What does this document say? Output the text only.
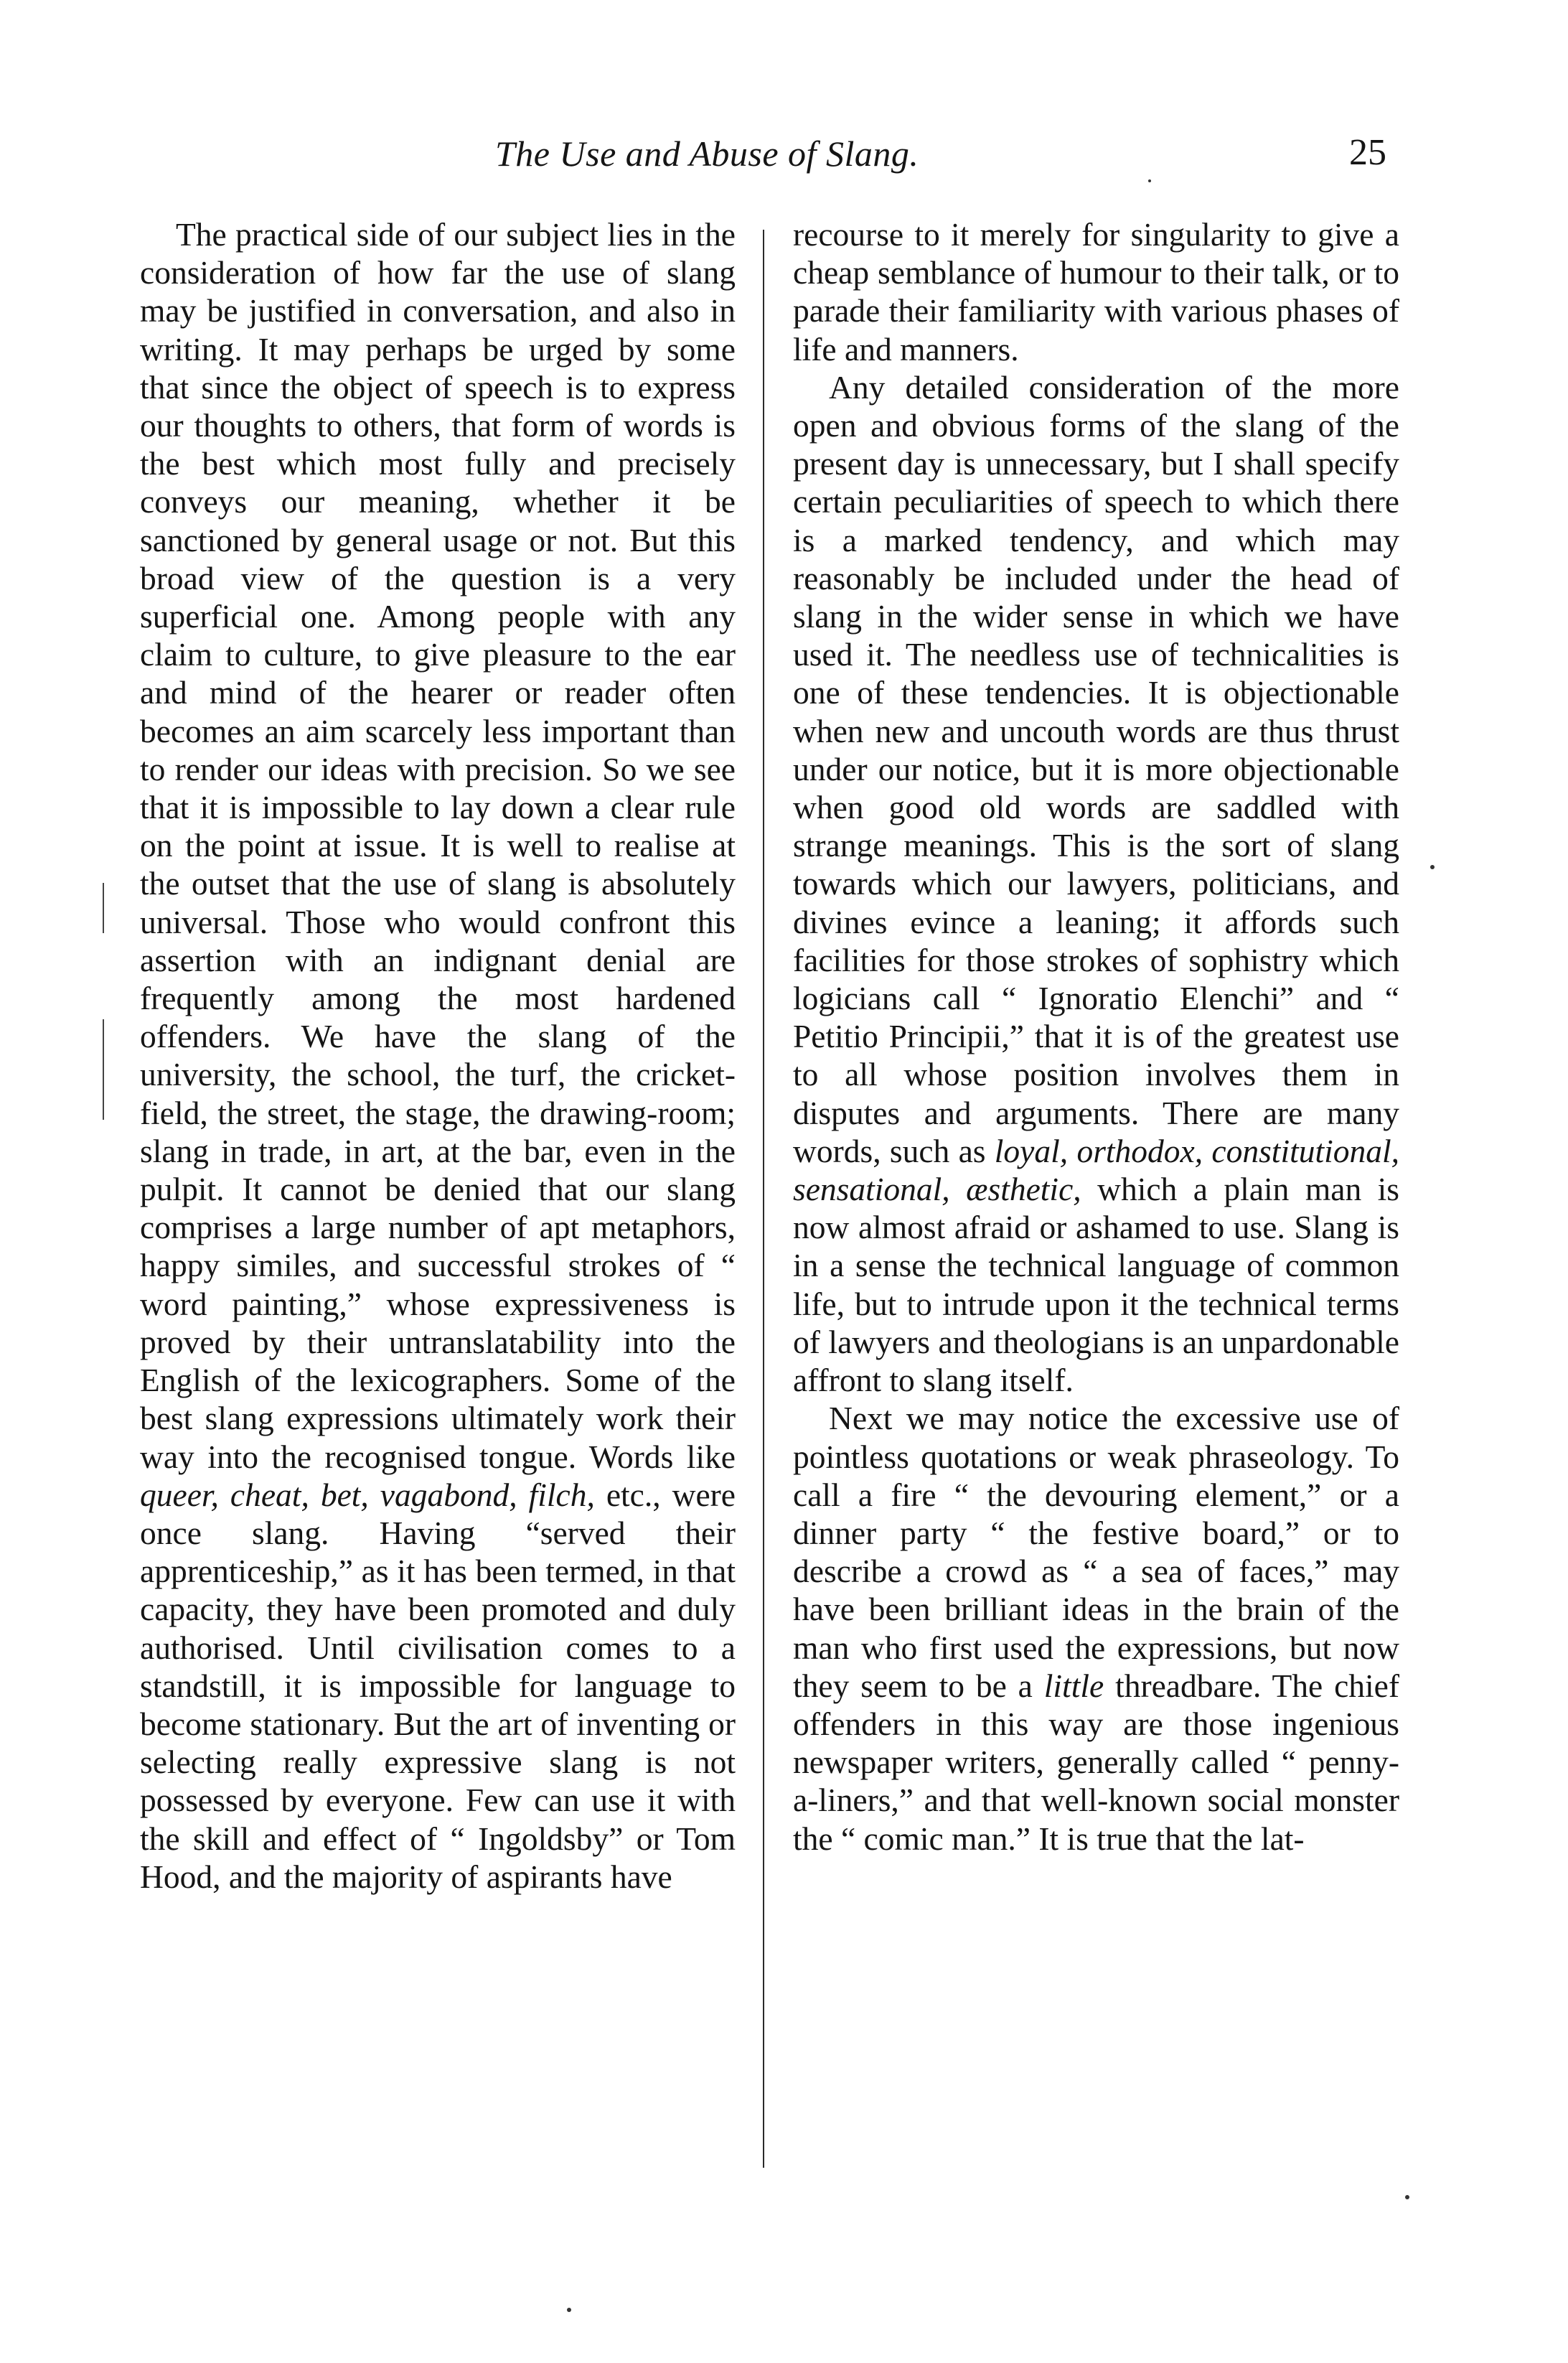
The Use and Abuse of Slang.	25

The practical side of our subject lies in the consideration of how far the use of slang may be justified in conversation, and also in writing. It may perhaps be urged by some that since the object of speech is to express our thoughts to others, that form of words is the best which most fully and precisely conveys our meaning, whether it be sanctioned by general usage or not. But this broad view of the question is a very superficial one. Among people with any claim to culture, to give pleasure to the ear and mind of the hearer or reader often becomes an aim scarcely less important than to render our ideas with precision. So we see that it is impossible to lay down a clear rule on the point at issue. It is well to realise at the outset that the use of slang is absolutely universal. Those who would confront this assertion with an indignant denial are frequently among the most hardened offenders. We have the slang of the university, the school, the turf, the cricket-field, the street, the stage, the drawing-room; slang in trade, in art, at the bar, even in the pulpit. It cannot be denied that our slang comprises a large number of apt metaphors, happy similes, and successful strokes of “ word painting,” whose expressiveness is proved by their untranslatability into the English of the lexicographers. Some of the best slang expressions ultimately work their way into the recognised tongue. Words like queer, cheat, bet, vagabond, filch, etc., were once slang. Having “served their apprenticeship,” as it has been termed, in that capacity, they have been promoted and duly authorised. Until civilisation comes to a standstill, it is impossible for language to become stationary. But the art of inventing or selecting really expressive slang is not possessed by everyone. Few can use it with the skill and effect of “ Ingoldsby” or Tom Hood, and the majority of aspirants have

recourse to it merely for singularity to give a cheap semblance of humour to their talk, or to parade their familiarity with various phases of life and manners.

Any detailed consideration of the more open and obvious forms of the slang of the present day is unnecessary, but I shall specify certain peculiarities of speech to which there is a marked tendency, and which may reasonably be included under the head of slang in the wider sense in which we have used it. The needless use of technicalities is one of these tendencies. It is objectionable when new and uncouth words are thus thrust under our notice, but it is more objectionable when good old words are saddled with strange meanings. This is the sort of slang towards which our lawyers, politicians, and divines evince a leaning; it affords such facilities for those strokes of sophistry which logicians call “ Ignoratio Elenchi” and “ Petitio Principii,” that it is of the greatest use to all whose position involves them in disputes and arguments. There are many words, such as loyal, orthodox, constitutional, sensational, æsthetic, which a plain man is now almost afraid or ashamed to use. Slang is in a sense the technical language of common life, but to intrude upon it the technical terms of lawyers and theologians is an unpardonable affront to slang itself.

Next we may notice the excessive use of pointless quotations or weak phraseology. To call a fire “ the devouring element,” or a dinner party “ the festive board,” or to describe a crowd as “ a sea of faces,” may have been brilliant ideas in the brain of the man who first used the expressions, but now they seem to be a little threadbare. The chief offenders in this way are those ingenious newspaper writers, generally called “ penny-a-liners,” and that well-known social monster the “ comic man.” It is true that the lat-
